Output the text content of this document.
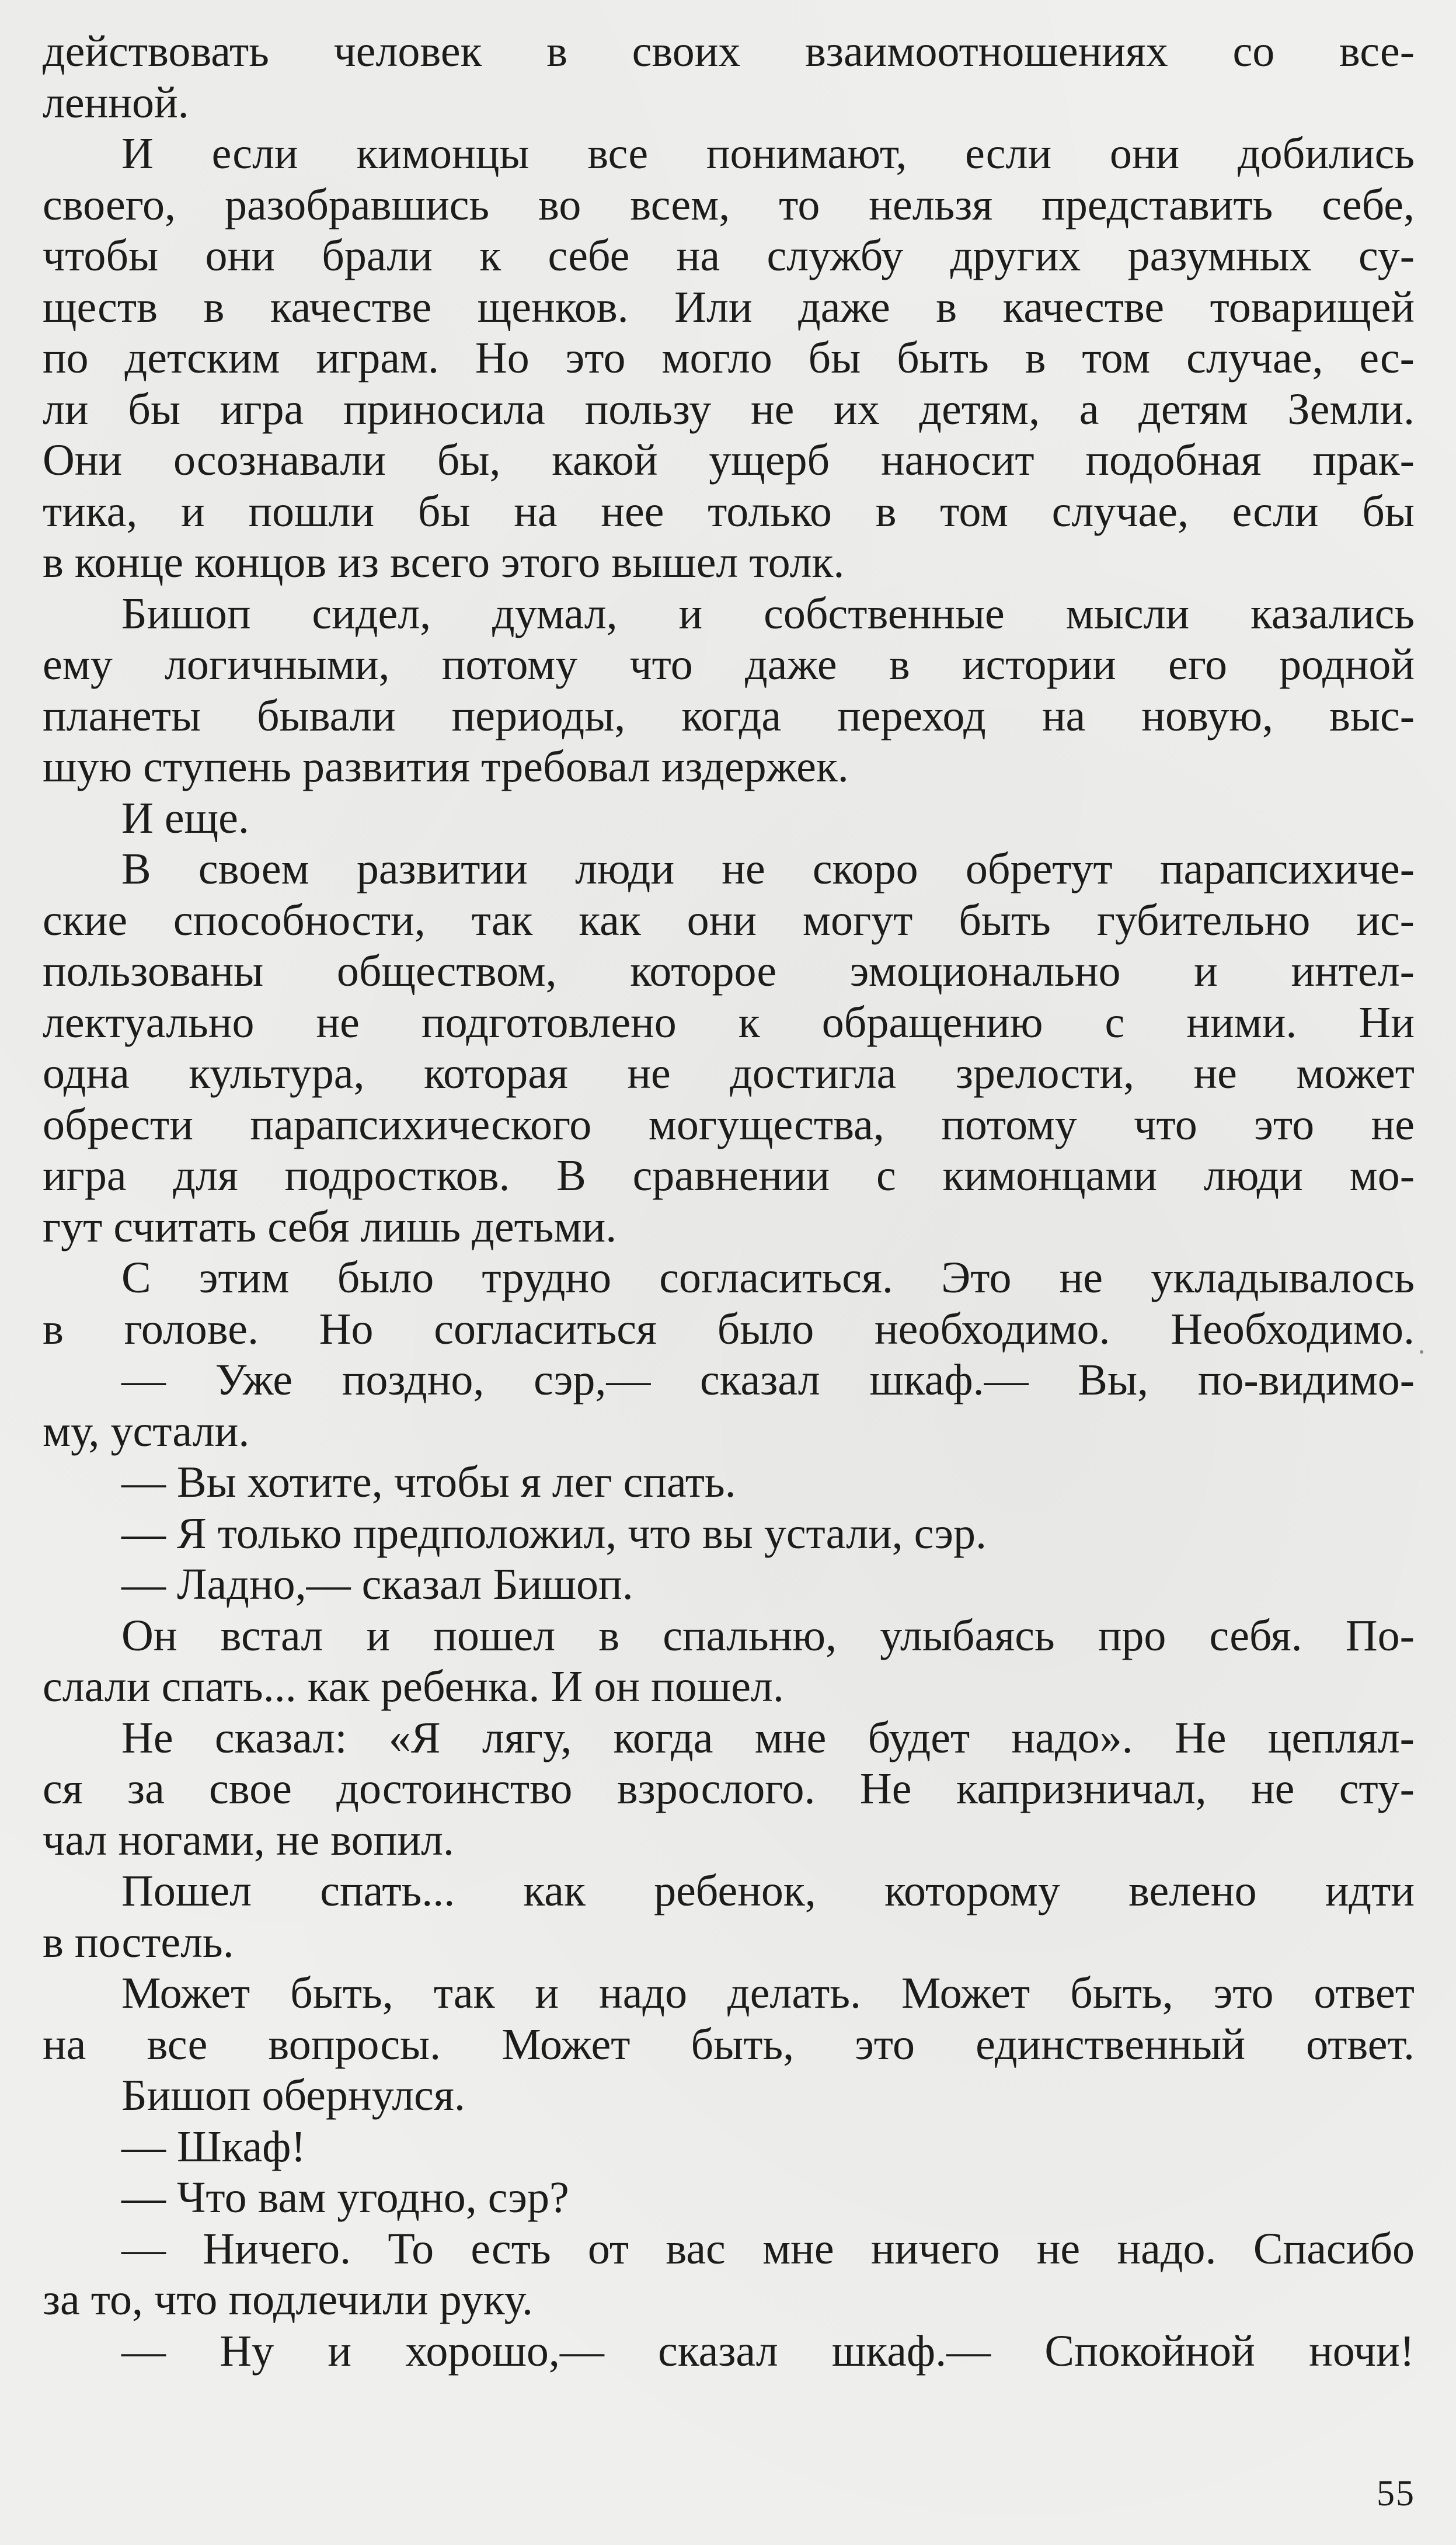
действовать человек в своих взаимоотношениях со все-
ленной.
И если кимонцы все понимают, если они добились
своего, разобравшись во всем, то нельзя представить себе,
чтобы они брали к себе на службу других разумных су-
ществ в качестве щенков. Или даже в качестве товарищей
по детским играм. Но это могло бы быть в том случае, ес-
ли бы игра приносила пользу не их детям, а детям Земли.
Они осознавали бы, какой ущерб наносит подобная прак-
тика, и пошли бы на нее только в том случае, если бы
в конце концов из всего этого вышел толк.
Бишоп сидел, думал, и собственные мысли казались
ему логичными, потому что даже в истории его родной
планеты бывали периоды, когда переход на новую, выс-
шую ступень развития требовал издержек.
И еще.
В своем развитии люди не скоро обретут парапсихиче-
ские способности, так как они могут быть губительно ис-
пользованы обществом, которое эмоционально и интел-
лектуально не подготовлено к обращению с ними. Ни
одна культура, которая не достигла зрелости, не может
обрести парапсихического могущества, потому что это не
игра для подростков. В сравнении с кимонцами люди мо-
гут считать себя лишь детьми.
С этим было трудно согласиться. Это не укладывалось
в голове. Но согласиться было необходимо. Необходимо.
— Уже поздно, сэр,— сказал шкаф.— Вы, по-видимо-
му, устали.
— Вы хотите, чтобы я лег спать.
— Я только предположил, что вы устали, сэр.
— Ладно,— сказал Бишоп.
Он встал и пошел в спальню, улыбаясь про себя. По-
слали спать... как ребенка. И он пошел.
Не сказал: «Я лягу, когда мне будет надо». Не цеплял-
ся за свое достоинство взрослого. Не капризничал, не сту-
чал ногами, не вопил.
Пошел спать... как ребенок, которому велено идти
в постель.
Может быть, так и надо делать. Может быть, это ответ
на все вопросы. Может быть, это единственный ответ.
Бишоп обернулся.
— Шкаф!
— Что вам угодно, сэр?
— Ничего. То есть от вас мне ничего не надо. Спасибо
за то, что подлечили руку.
— Ну и хорошо,— сказал шкаф.— Спокойной ночи!
55
